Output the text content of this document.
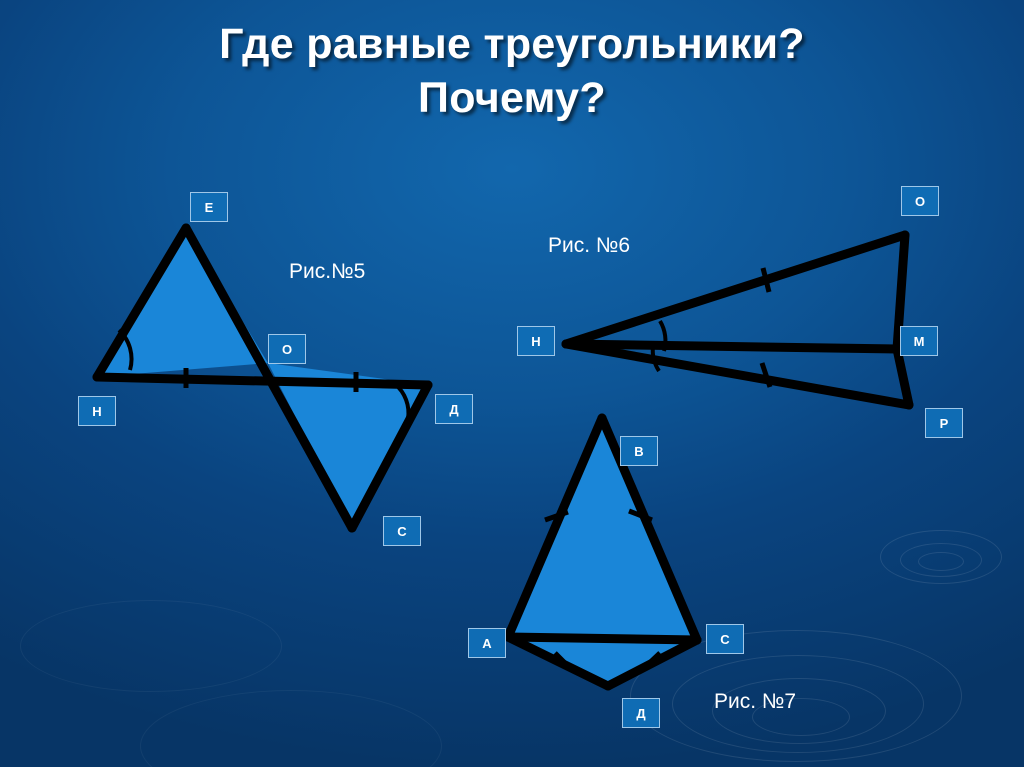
Где равные треугольники?
Почему?
Рис.№5
Рис. №6
Рис. №7
Е
О
Н	Д
С
О
Н	М
Р
В
А	С
Д
